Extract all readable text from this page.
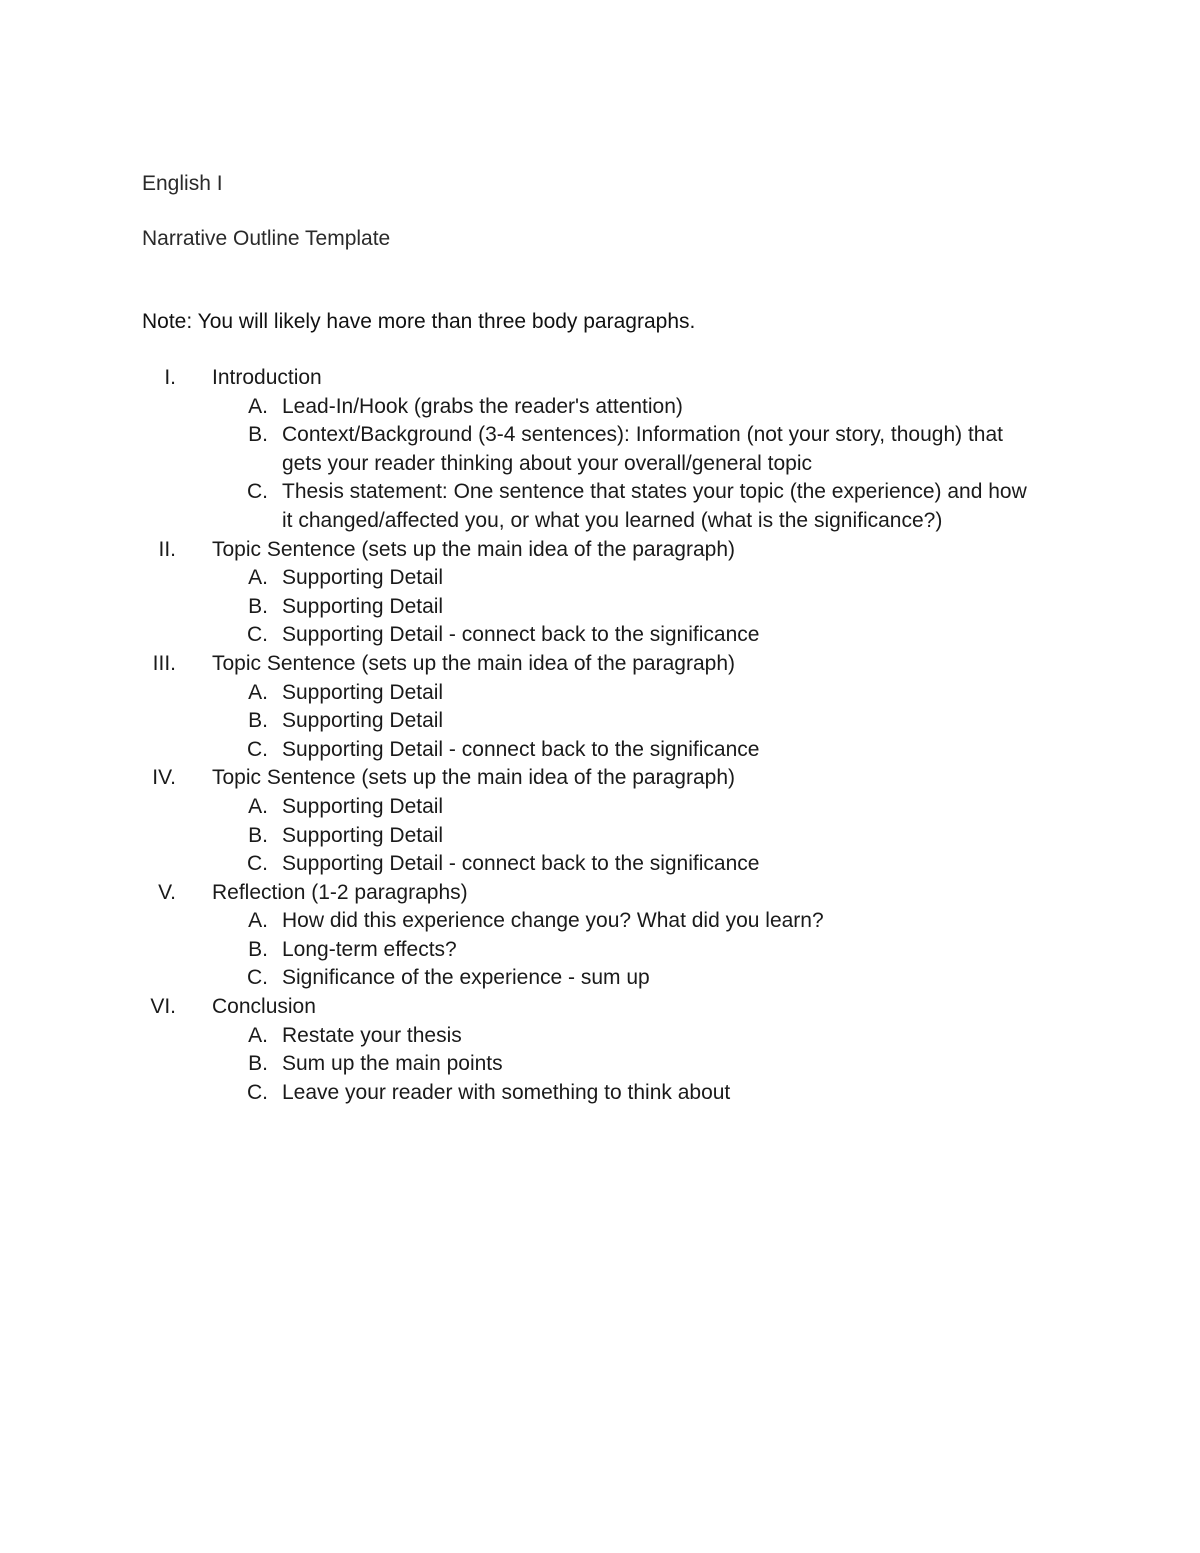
English I
Narrative Outline Template
Note: You will likely have more than three body paragraphs.
I. Introduction
A. Lead-In/Hook (grabs the reader's attention)
B. Context/Background (3-4 sentences): Information (not your story, though) that
gets your reader thinking about your overall/general topic
C. Thesis statement: One sentence that states your topic (the experience) and how
it changed/affected you, or what you learned (what is the significance?)
II. Topic Sentence (sets up the main idea of the paragraph)
A. Supporting Detail
B. Supporting Detail
C. Supporting Detail - connect back to the significance
III. Topic Sentence (sets up the main idea of the paragraph)
A. Supporting Detail
B. Supporting Detail
C. Supporting Detail - connect back to the significance
IV. Topic Sentence (sets up the main idea of the paragraph)
A. Supporting Detail
B. Supporting Detail
C. Supporting Detail - connect back to the significance
V. Reflection (1-2 paragraphs)
A. How did this experience change you? What did you learn?
B. Long-term effects?
C. Significance of the experience - sum up
VI. Conclusion
A. Restate your thesis
B. Sum up the main points
C. Leave your reader with something to think about
